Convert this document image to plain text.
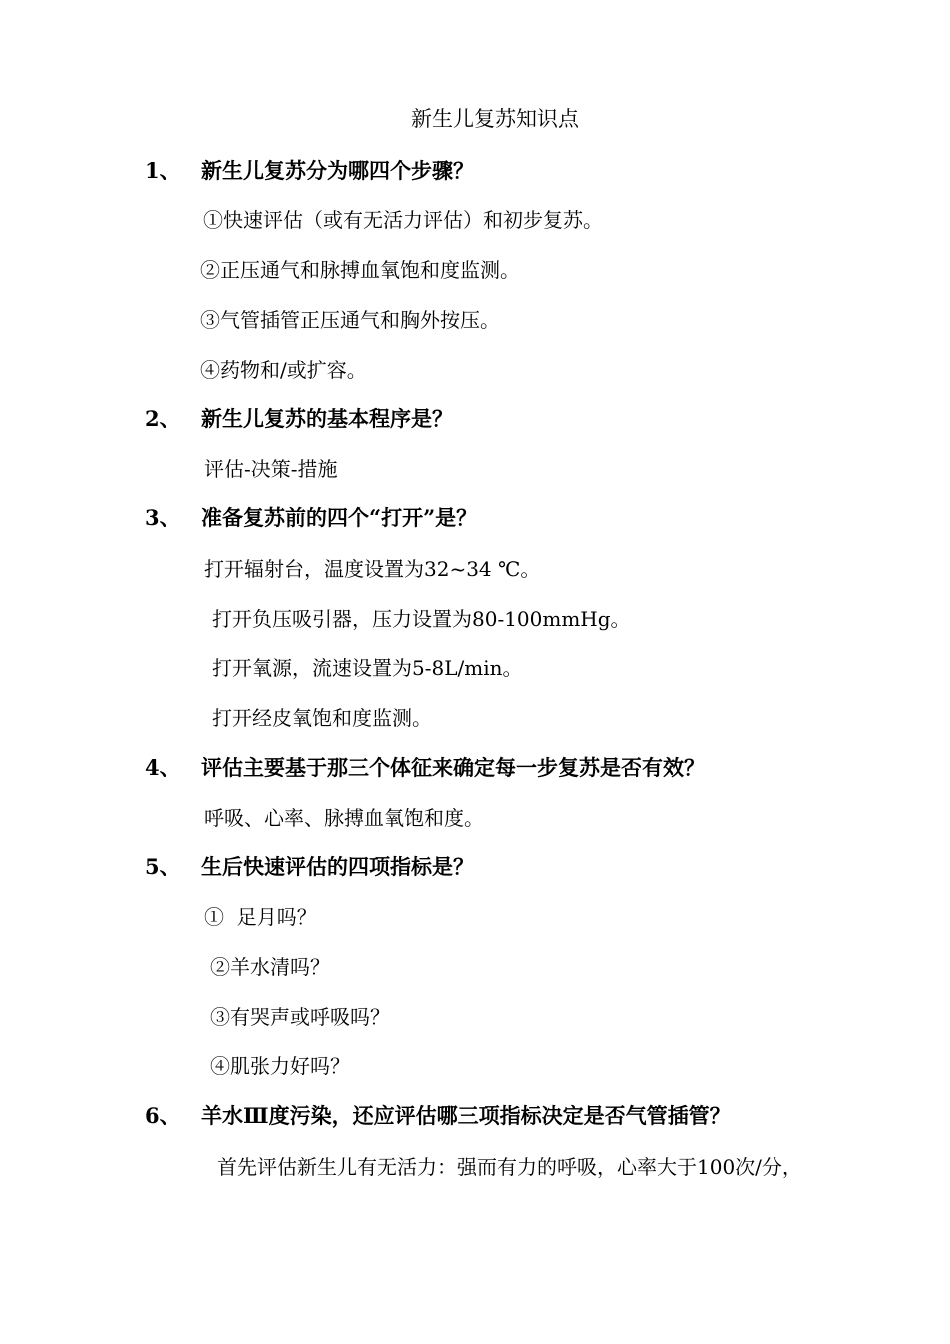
新生儿复苏知识点
1、 新生儿复苏分为哪四个步骤？
①快速评估（或有无活力评估）和初步复苏。
②正压通气和脉搏血氧饱和度监测。
③气管插管正压通气和胸外按压。
④药物和/或扩容。
2、 新生儿复苏的基本程序是？
评估-决策-措施
3、 准备复苏前的四个“打开”是？
打开辐射台，温度设置为32~34 ℃。
打开负压吸引器，压力设置为80-100mmHg。
打开氧源，流速设置为5-8L/min。
打开经皮氧饱和度监测。
4、 评估主要基于那三个体征来确定每一步复苏是否有效？
呼吸、心率、脉搏血氧饱和度。
5、 生后快速评估的四项指标是？
①  足月吗？
②羊水清吗？
③有哭声或呼吸吗？
④肌张力好吗？
6、 羊水Ⅲ度污染，还应评估哪三项指标决定是否气管插管？
首先评估新生儿有无活力：强而有力的呼吸，心率大于100次/分，
